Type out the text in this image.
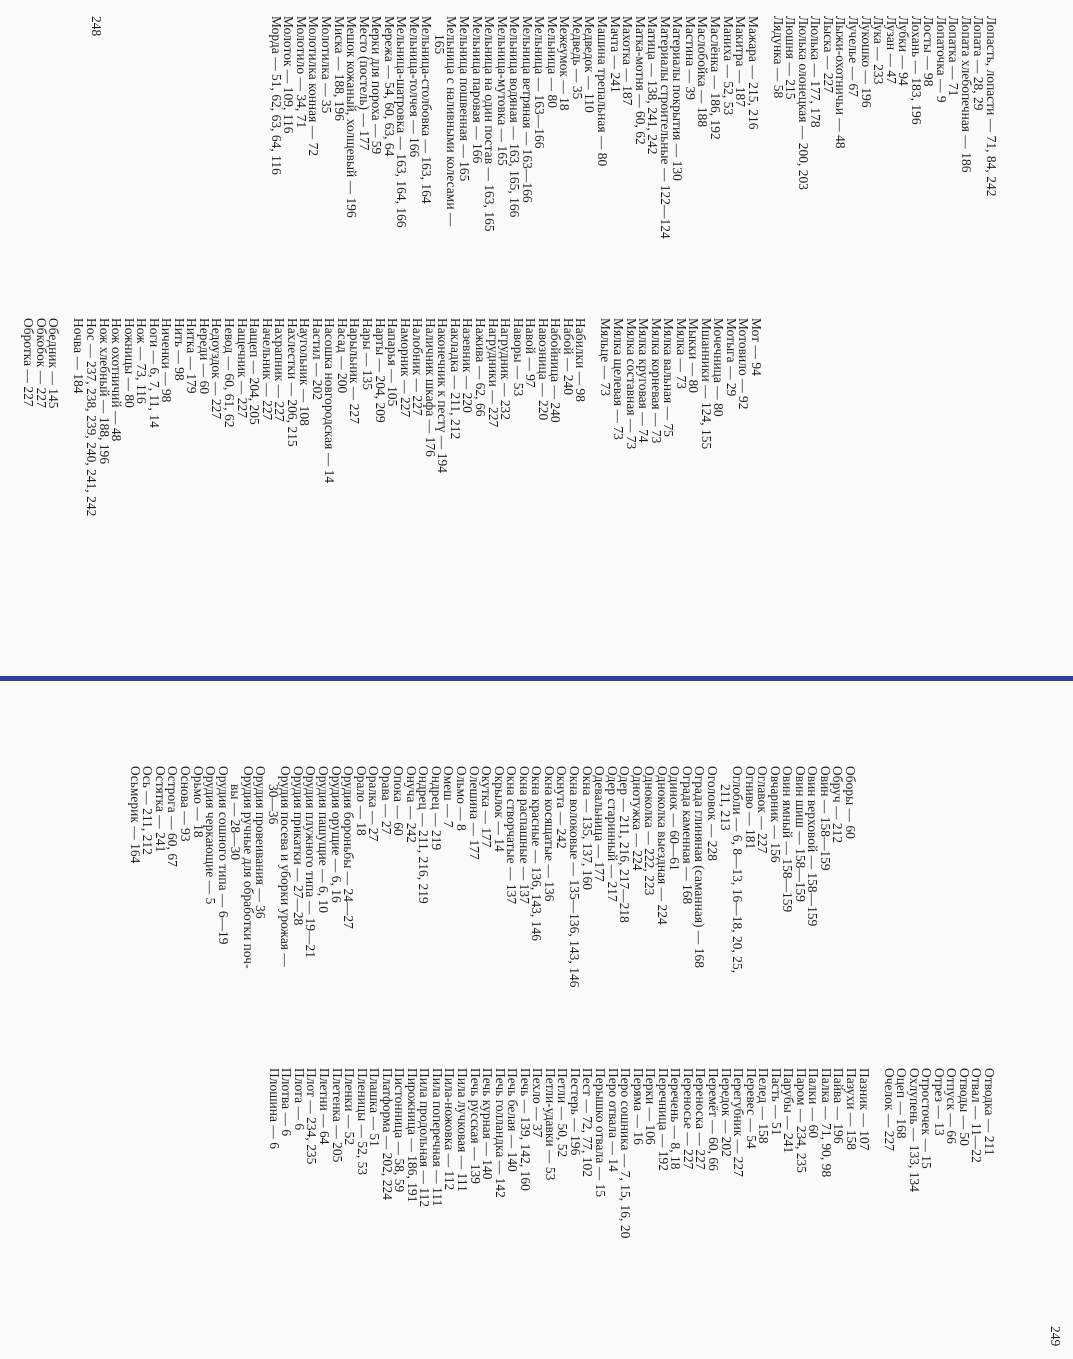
Лопасть, лопасти — 71, 84, 242
Лопата — 28, 29
Лопата хлебопечная — 186
Лопатка — 71
Лопаточка — 9
Лосты — 98
Лохань — 183, 196
Лубки — 94
Лузан — 47
Лука — 233
Лукошко — 196
Лучелье — 67
Лыжи-охотничьи — 48
Лыска — 227
Люлька — 177, 178
Люлька олонецкая — 200, 203
Люшня — 215
Лядунка — 58
Мажара — 215, 216
Макитра — 187
Манихa — 52, 53
Маслёнка — 186, 192
Маслобойка — 188
Мастина — 39
Материалы покрытия — 130
Материалы строительные — 122—124
Матица — 138, 241, 242
Матка-мотня — 60, 62
Махотка — 187
Мачта — 241
Машина трепальная — 80
Медведок — 110
Медведь — 35
Межеумок — 18
Мельница — 80
Мельница — 163—166
Мельница ветряная — 163—166
Мельница водяная — 163, 165, 166
Мельница-мутовка — 165
Мельница на один постав — 163, 165
Мельница паровая — 166
Мельница пошвенная — 165
Мельница с наливными колесами —
165
Мельница-столбовка — 163, 164
Мельница-толчея — 166
Мельница-шатровка — 163, 164, 166
Мережа — 54, 60, 63, 64
Мерки для пороха — 59
Место (постель) — 177
Мешок кожаный, холщевый — 196
Миска — 188, 196
Молотилка — 35
Молотилка конная — 72
Молотило — 34, 71
Молоток — 109, 116
Морда — 51, 62, 63, 64, 116
Мот — 94
Мотовило — 92
Мотыга — 29
Мочечница — 80
Мшанники — 124, 155
Мыкки — 80
Мялка — 73
Мялка вальная — 75
Мялка корневая — 73
Мялка круговая — 74
Мялка составная — 73
Мялка щелевая — 73
Мяльце — 73
Набилки — 98
Набой — 240
Набойница — 240
Навозница — 220
Навой — 97
Наворы — 53
Нагрудник — 232
Нагрудники — 227
Нажива — 62, 66
Назевник — 220
Накладка — 211, 212
Наконечник к пестү — 194
Наличник шкафа — 176
Налобник — 227
Наморник — 227
Напарья — 105
Нарты — 204, 209
Нары — 135
Нарыльник — 227
Насад — 200
Насошка новгородская — 14
Настил — 202
Наугольник — 108
Нахлестки — 206, 215
Нахрапник — 227
Начельник — 227
Нащеп — 204, 205
Нащечник — 227
Невод — 60, 61, 62
Недоуздок — 227
Нереди — 60
Нитка — 179
Нить — 98
Ниченки — 98
Ноги — 6, 7, 11, 14
Нож — 73, 116
Ножницы — 80
Нож охотничий — 48
Нож хлебный — 188, 196
Нос — 237, 238, 239, 240, 241, 242
Ночва — 184
Обедник — 145
Обкобок — 227
Обротка — 227
248
Оборы — 60
Обруч — 212
Овин — 158—159
Овин верховой — 158—159
Овин шиш — 158—159
Овин ямный — 158—159
Овчарник — 156
Оглавок — 227
Огниво — 181
Оглобли — 6, 8—13, 16—18, 20, 25,
211, 213
Оголовок — 228
Ограда глиняная (саманная) — 168
Ограда каменная — 168
Одинок — 60—61
Одноколка выездная — 224
Одноколка — 222, 223
Однотужка — 224
Одер — 211, 216, 217—218
Одер старинный — 217
Одевальница — 177
Окна — 135, 137, 160
Окна волоковые — 135—136, 143, 146
Окнута — 242
Окна косящатые — 136
Окна красные — 136, 143, 146
Окна распашные — 137
Окна створчатые — 137
Окрылок — 14
Окутка — 177
Олешина — 177
Ольмо — 8
Омеш — 7
Ондрец — 219
Ондрец — 211, 216, 219
Онуча — 242
Опока — 60
Орава — 27
Оралка — 27
Орало — 18
Орудия бороньбы — 24—27
Орудия орущие — 6, 16
Орудия пашущие — 6, 10
Орудия плужного типа — 19—21
Орудия прикатки — 27—28
Орудия посева и уборки урожая —
30—36
Орудия провеивания — 36
Орудия ручные для обработки поч-
вы — 28—30
Орудия сошного типа — 6—19
Орудия черкающие — 5
Орьмо — 18
Основа — 93
Острога — 60, 67
Остятка — 241
Ось — 211, 212
Осьмерик — 164
Отводка — 211
Отвал — 11—22
Отводы — 50
Отпуск — 66
Отрез — 13
Отросточек — 15
Охлупень — 133, 134
Оцеп — 168
Очелок — 227
Пазник — 107
Пазухи — 158
Пайва — 196
Палка — 71, 90, 98
Палки — 60
Паром — 234, 235
Парубы — 241
Пасть — 51
Пелед — 158
Перевес — 54
Перегубник — 227
Передок — 202
Перемёт — 60, 66
Переноска — 227
Переносье — 227
Перечень — 8, 18
Перечница — 192
Перки — 106
Перяма — 16
Перо сошника — 7, 15, 16, 20
Перо отвала — 14
Перышко отвала — 15
Пест — 72, 77, 102
Пестерь — 196
Петли — 50, 52
Петли-удавки — 53
Пехло — 37
Печь — 139, 142, 160
Печь белая — 140
Печь голландка — 142
Печь курная — 140
Печь русская — 139
Пила лучковая — 111
Пила-ножовка — 112
Пила поперечная — 111
Пила продольная — 112
Пирожница — 186, 191
Пистонница — 58, 59
Платформа — 202, 224
Плашка — 51
Пленицы — 52, 53
Пленки — 52
Плетенка — 205
Плетни — 64
Плот — 234, 235
Плота — 6
Плотва — 6
Плошина — 6
249
